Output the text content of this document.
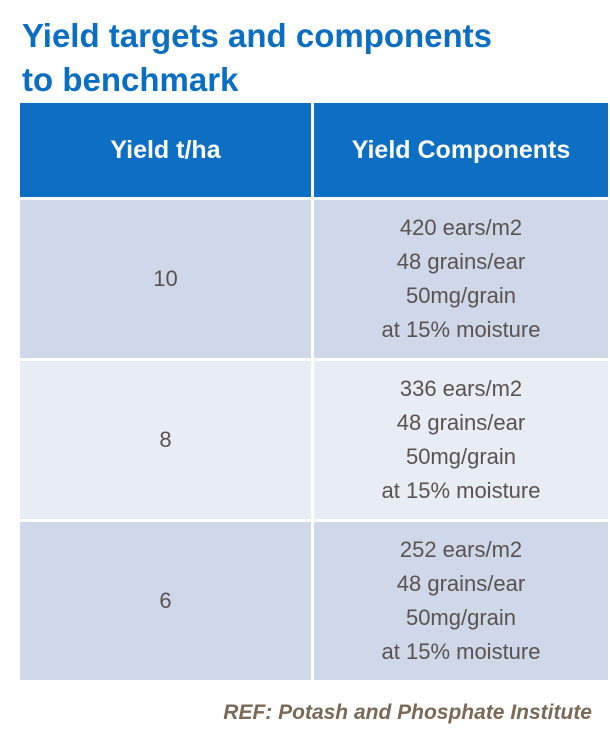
Yield targets and components
to benchmark
Yield t/ha	Yield Components
10	420 ears/m2
48 grains/ear
50mg/grain
at 15% moisture

8	336 ears/m2
48 grains/ear
50mg/grain
at 15% moisture

6	252 ears/m2
48 grains/ear
50mg/grain
at 15% moisture
REF: Potash and Phosphate Institute
